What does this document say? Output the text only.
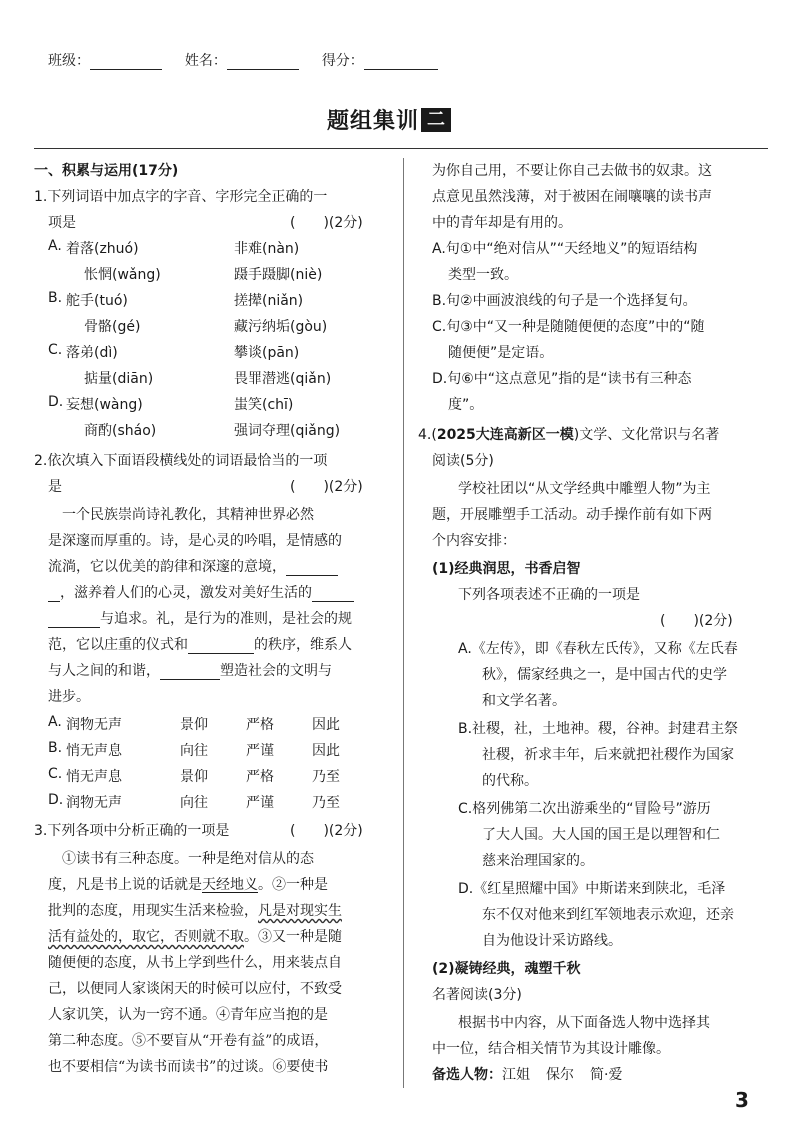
班级：	姓名：	得分：
题组集训 二
一、积累与运用(17分)
1.下列词语中加点字的字音、字形完全正确的一
项是	(　　)(2分)
A. 着落(zhuó)	非难(nàn)
怅惘(wǎng)	蹑手蹑脚(niè)
B. 舵手(tuó)	搓撵(niǎn)
骨骼(gé)	藏污纳垢(gòu)
C. 落弟(dì)	攀谈(pān)
掂量(diān)	畏罪潜逃(qiǎn)
D. 妄想(wàng)	蚩笑(chī)
商酌(sháo)	强词夺理(qiǎng)
2.依次填入下面语段横线处的词语最恰当的一项
是	(　　)(2分)
一个民族崇尚诗礼教化，其精神世界必然
是深邃而厚重的。诗，是心灵的吟唱，是情感的
流淌，它以优美的韵律和深邃的意境，
，滋养着人们的心灵，激发对美好生活的
与追求。礼，是行为的准则，是社会的规
范，它以庄重的仪式和	的秩序，维系人
与人之间的和谐，	塑造社会的文明与
进步。
A. 润物无声	景仰	严格	因此
B. 悄无声息	向往	严谨	因此
C. 悄无声息	景仰	严格	乃至
D. 润物无声	向往	严谨	乃至
3.下列各项中分析正确的一项是	(　　)(2分)
①读书有三种态度。一种是绝对信从的态
度，凡是书上说的话就是天经地义。②一种是
批判的态度，用现实生活来检验，凡是对现实生
活有益处的，取它，否则就不取。③又一种是随
随便便的态度，从书上学到些什么，用来装点自
己，以便同人家谈闲天的时候可以应付，不致受
人家讥笑，认为一窍不通。④青年应当抱的是
第二种态度。⑤不要盲从“开卷有益”的成语，
也不要相信“为读书而读书”的过谈。⑥要使书
为你自己用，不要让你自己去做书的奴隶。这
点意见虽然浅薄，对于被困在闹嚷嚷的读书声
中的青年却是有用的。
A.句①中“绝对信从”“天经地义”的短语结构
类型一致。
B.句②中画波浪线的句子是一个选择复句。
C.句③中“又一种是随随便便的态度”中的“随
随便便”是定语。
D.句⑥中“这点意见”指的是“读书有三种态
度”。
4.(2025大连高新区一模)文学、文化常识与名著
阅读(5分)
学校社团以“从文学经典中雕塑人物”为主
题，开展雕塑手工活动。动手操作前有如下两
个内容安排：
(1)经典润思，书香启智
下列各项表述不正确的一项是
(　　)(2分)
A.《左传》，即《春秋左氏传》，又称《左氏春
秋》，儒家经典之一，是中国古代的史学
和文学名著。
B.社稷，社，土地神。稷，谷神。封建君主祭
社稷，祈求丰年，后来就把社稷作为国家
的代称。
C.格列佛第二次出游乘坐的“冒险号”游历
了大人国。大人国的国王是以理智和仁
慈来治理国家的。
D.《红星照耀中国》中斯诺来到陕北，毛泽
东不仅对他来到红军领地表示欢迎，还亲
自为他设计采访路线。
(2)凝铸经典，魂塑千秋
名著阅读(3分)
根据书中内容，从下面备选人物中选择其
中一位，结合相关情节为其设计雕像。
备选人物：江姐 保尔 简·爱
3
